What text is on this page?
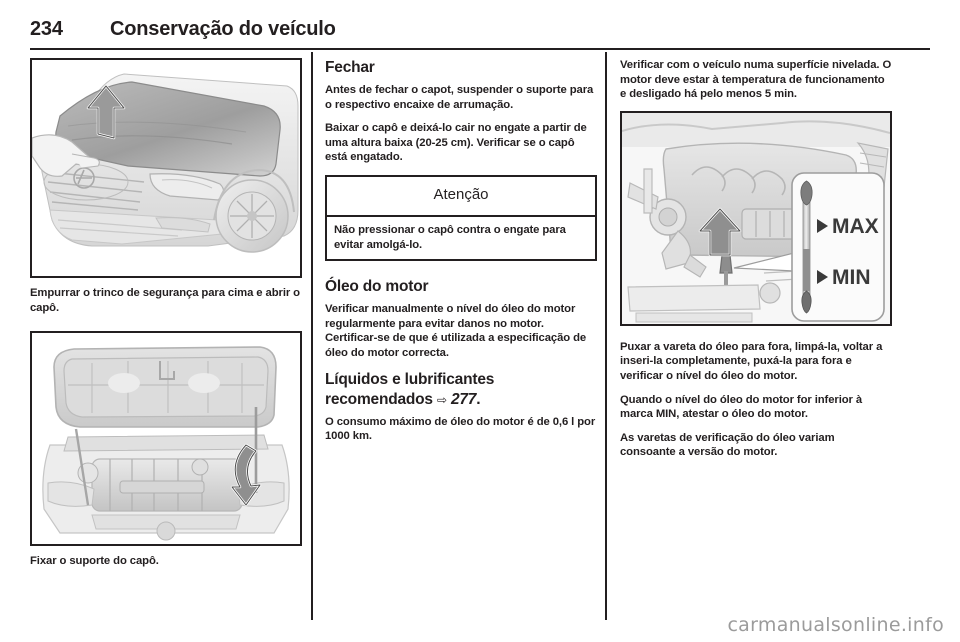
234 Conservação do veículo
Empurrar o trinco de segurança para cima e abrir o capô.
Fixar o suporte do capô.
Fechar
Antes de fechar o capot, suspender o suporte para o respectivo encaixe de arrumação.
Baixar o capô e deixá-lo cair no engate a partir de uma altura baixa (20-25 cm). Verificar se o capô está engatado.
Atenção
Não pressionar o capô contra o engate para evitar amolgá-lo.
Óleo do motor
Verificar manualmente o nível do óleo do motor regularmente para evitar danos no motor. Certificar-se de que é utilizada a especificação de óleo do motor correcta.
Líquidos e lubrificantes recomendados ⇨ 277.
O consumo máximo de óleo do motor é de 0,6 l por 1000 km.
Verificar com o veículo numa superfície nivelada. O motor deve estar à temperatura de funcionamento e desligado há pelo menos 5 min.
MAX
MIN
Puxar a vareta do óleo para fora, limpá-la, voltar a inseri-la completamente, puxá-la para fora e verificar o nível do óleo do motor.
Quando o nível do óleo do motor for inferior à marca MIN, atestar o óleo do motor.
As varetas de verificação do óleo variam consoante a versão do motor.
carmanualsonline.info
